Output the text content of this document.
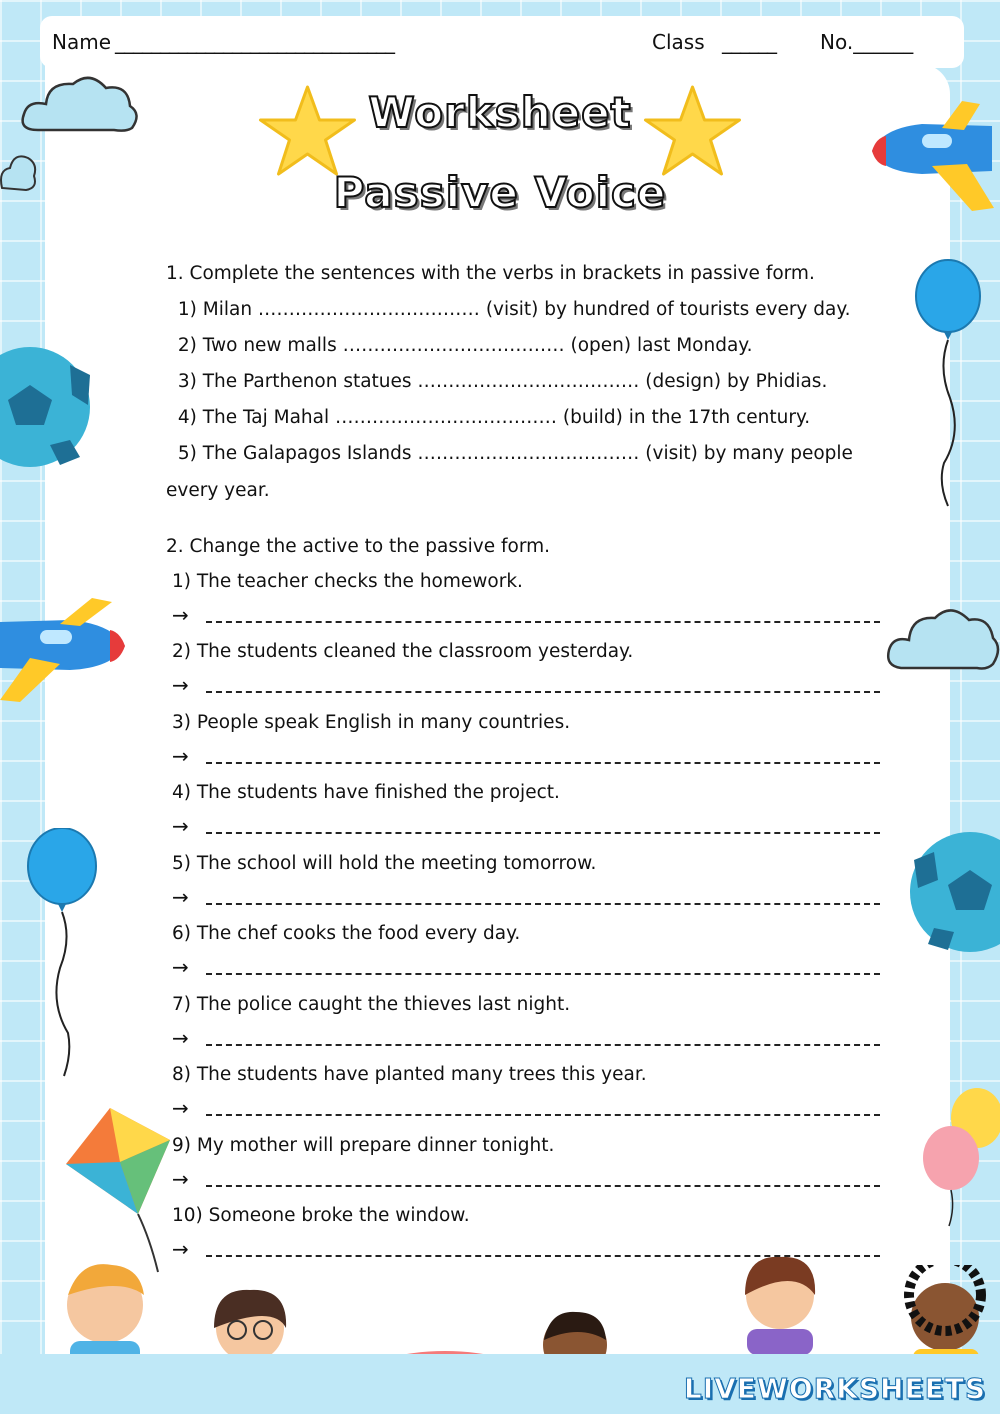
Name _______________________________	Class ______ No.______
Worksheet
Passive Voice
1. Complete the sentences with the verbs in brackets in passive form.
1) Milan ……………………………… (visit) by hundred of tourists every day.
2) Two new malls ……………………………… (open) last Monday.
3) The Parthenon statues ……………………………… (design) by Phidias.
4) The Taj Mahal ……………………………… (build) in the 17th century.
5) The Galapagos Islands ……………………………… (visit) by many people
every year.
2. Change the active to the passive form.
1) The teacher checks the homework.
→
2) The students cleaned the classroom yesterday.
→
3) People speak English in many countries.
→
4) The students have finished the project.
→
5) The school will hold the meeting tomorrow.
→
6) The chef cooks the food every day.
→
7) The police caught the thieves last night.
→
8) The students have planted many trees this year.
→
9) My mother will prepare dinner tonight.
→
10) Someone broke the window.
→
LIVEWORKSHEETS
